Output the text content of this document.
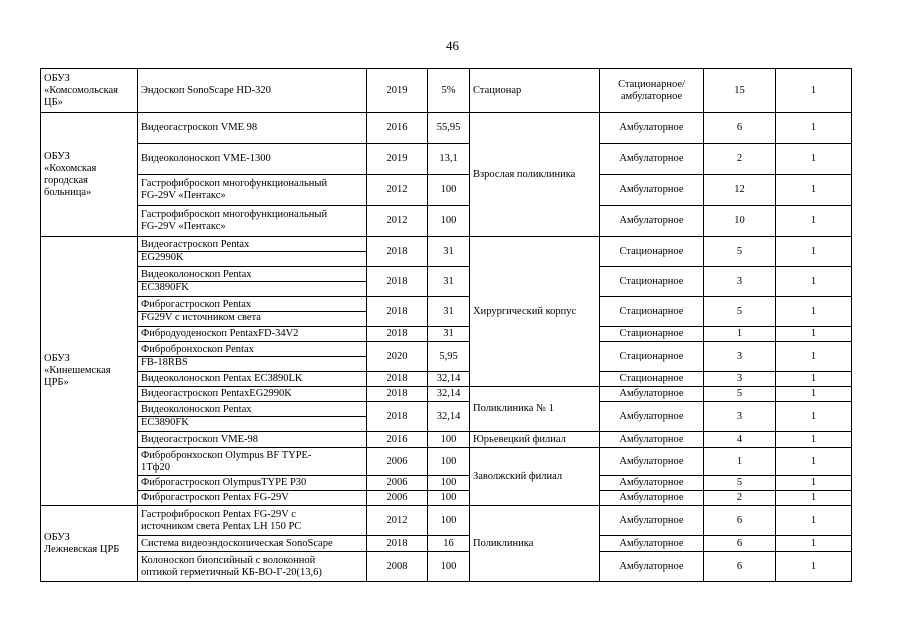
46
ОБУЗ
«Комсомольская
ЦБ»	Эндоскоп SonoScape HD-320	2019	5%	Стационар	Стационарное/
амбулаторное	15	1

ОБУЗ
«Кохомская
городская
больница»	Видеогастроскоп VME 98	2016	55,95	Взрослая поликлиника	Амбулаторное	6	1
	Видеоколоноскоп VME-1300	2019	13,1		Амбулаторное	2	1

	Гастрофиброскоп многофункциональный
FG-29V «Пентакс»	2012	100		Амбулаторное	12	1

	Гастрофиброскоп многофункциональный
FG-29V «Пентакс»	2012	100		Амбулаторное	10	1

ОБУЗ
«Кинешемская
ЦРБ»	Видеогастроскоп Pentax
EG2990K	2018	31	Хирургический корпус	Стационарное	5	1

	Видеоколоноскоп Pentax
EC3890FK	2018	31		Стационарное	3	1

	Фиброгастроскоп Pentax
FG29V с источником света	2018	31		Стационарное	5	1
	Фибродуоденоскоп PentaxFD-34V2	2018	31		Стационарное	1	1

	Фибробронхоскоп Pentax
FB-18RBS	2020	5,95		Стационарное	3	1
	Видеоколоноскоп Pentax EC3890LK	2018	32,14		Стационарное	3	1
	Видеогастроскоп PentaxEG2990K	2018	32,14	Поликлиника № 1	Амбулаторное	5	1

	Видеоколоноскоп Pentax
EC3890FK	2018	32,14		Амбулаторное	3	1
	Видеогастроскоп VME-98	2016	100	Юрьевецкий филиал	Амбулаторное	4	1

	Фибробронхоскоп Olympus BF TYPE-
1Тф20	2006	100	Заволжский филиал	Амбулаторное	1	1
	Фиброгастроскоп OlympusTYPE P30	2006	100		Амбулаторное	5	1
	Фиброгастроскоп Pentax FG-29V	2006	100		Амбулаторное	2	1

ОБУЗ
Лежневская ЦРБ	Гастрофиброскоп Pentax FG-29V с
источником света Pentax LH 150 PC	2012	100	Поликлиника	Амбулаторное	6	1
	Система видеоэндоскопическая SonoScape	2018	16		Амбулаторное	6	1

	Колоноскоп биопсийный с волоконной
оптикой герметичный КБ-ВО-Г-20(13,6)	2008	100		Амбулаторное	6	1
